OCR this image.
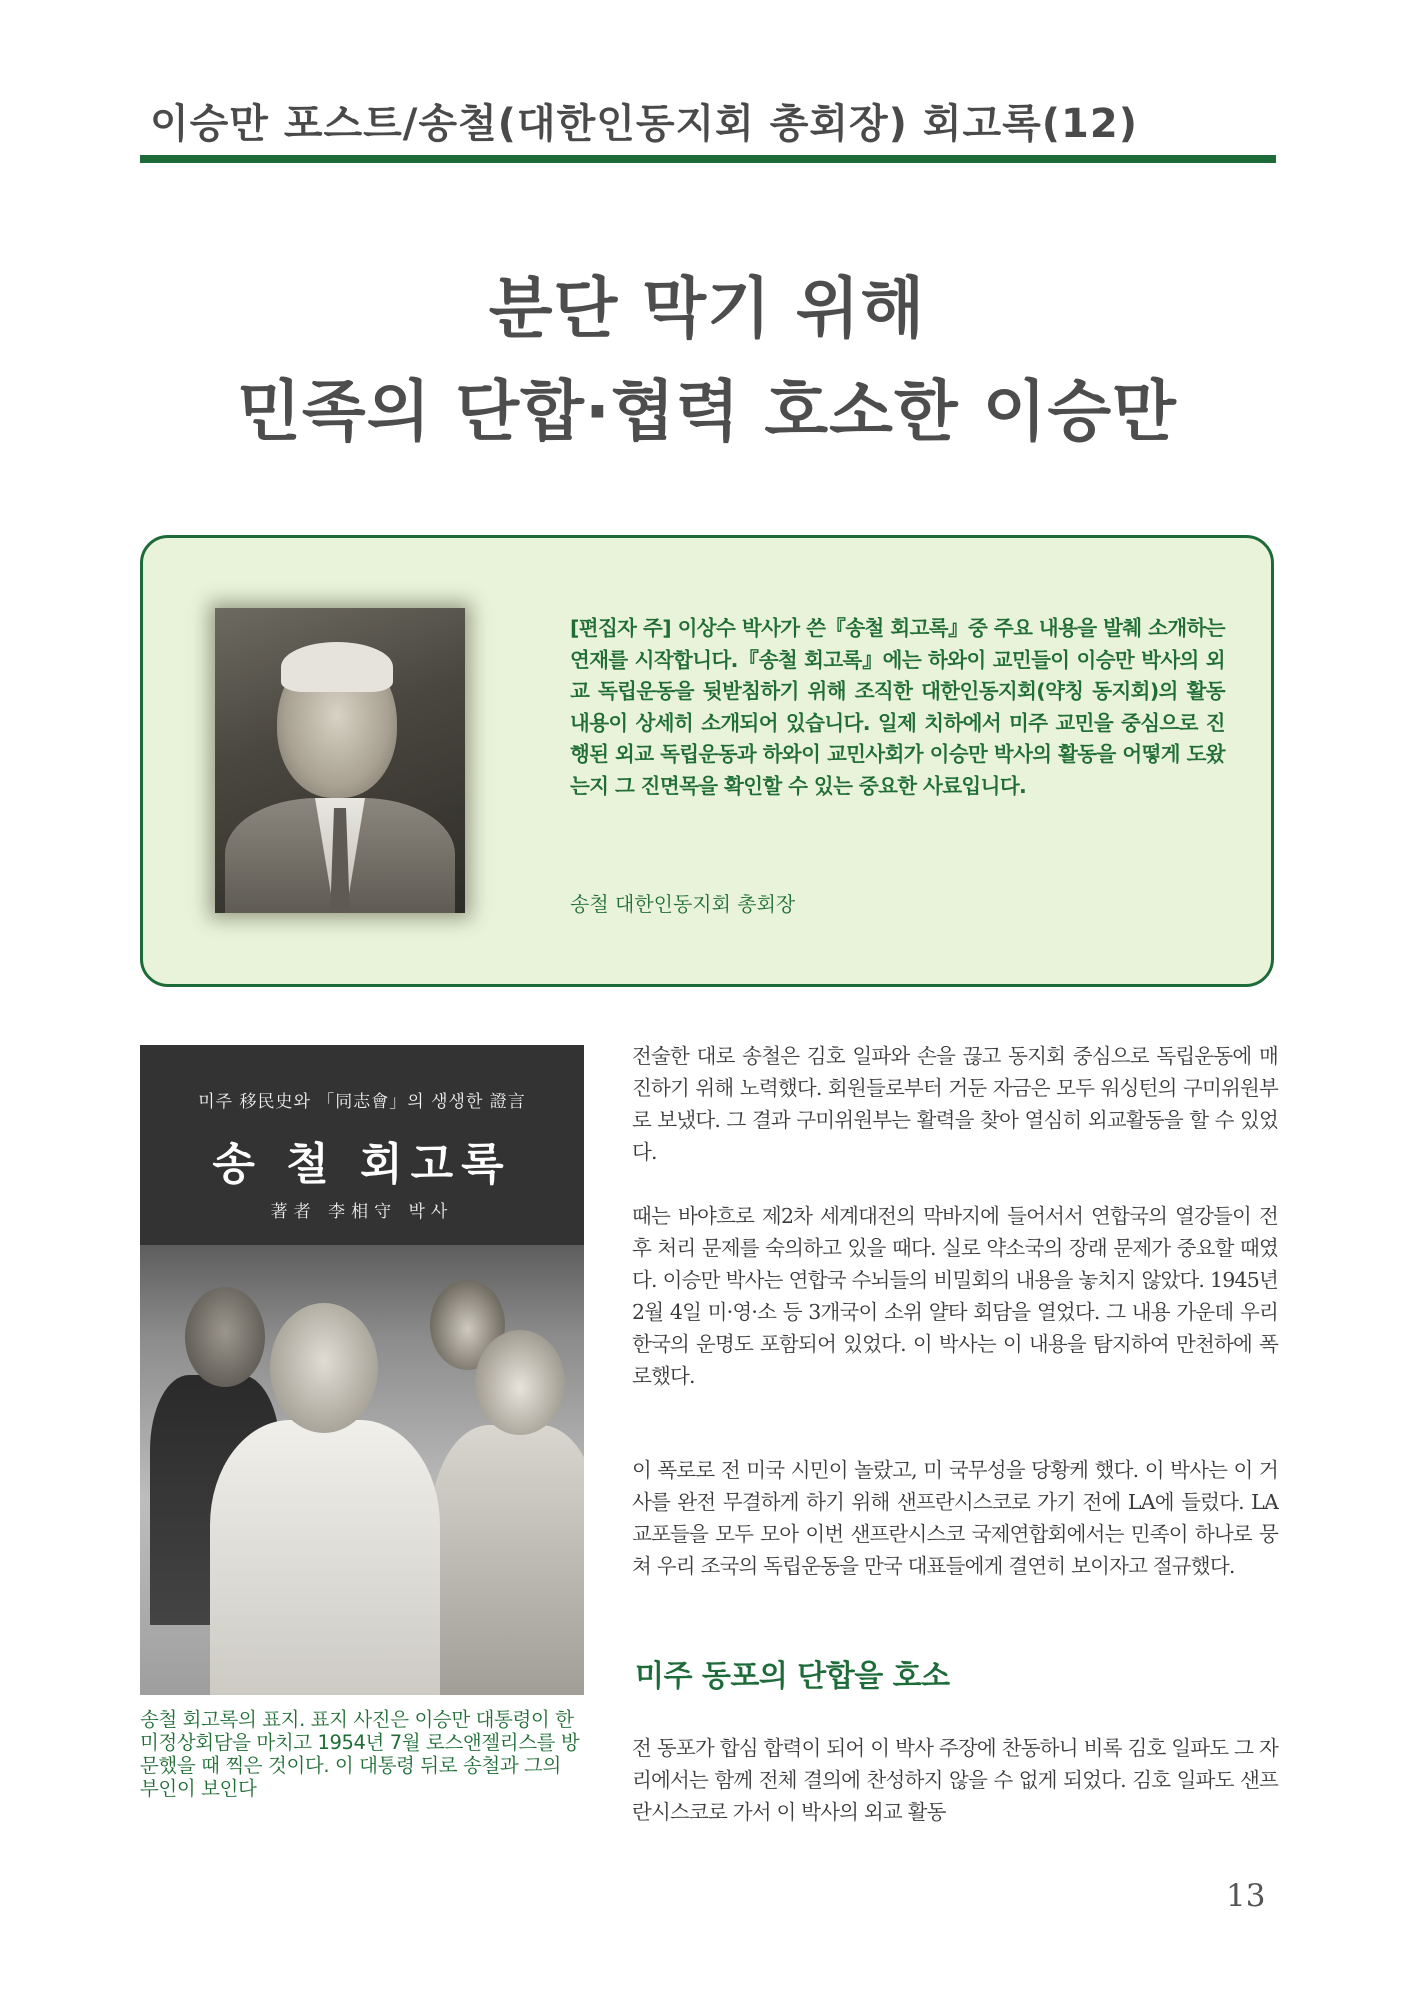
이승만 포스트/송철(대한인동지회 총회장) 회고록(12)
분단 막기 위해
민족의 단합·협력 호소한 이승만
[편집자 주] 이상수 박사가 쓴『송철 회고록』중 주요 내용을 발췌 소개하는 연재를 시작합니다.『송철 회고록』에는 하와이 교민들이 이승만 박사의 외교 독립운동을 뒷받침하기 위해 조직한 대한인동지회(약칭 동지회)의 활동 내용이 상세히 소개되어 있습니다. 일제 치하에서 미주 교민을 중심으로 진행된 외교 독립운동과 하와이 교민사회가 이승만 박사의 활동을 어떻게 도왔는지 그 진면목을 확인할 수 있는 중요한 사료입니다.
송철 대한인동지회 총회장
미주 移民史와 「同志會」의 생생한 證言
송 철 회고록
著者 李相守 박사
송철 회고록의 표지. 표지 사진은 이승만 대통령이 한미정상회담을 마치고 1954년 7월 로스앤젤리스를 방문했을 때 찍은 것이다. 이 대통령 뒤로 송철과 그의 부인이 보인다

전술한 대로 송철은 김호 일파와 손을 끊고 동지회 중심으로 독립운동에 매진하기 위해 노력했다. 회원들로부터 거둔 자금은 모두 워싱턴의 구미위원부로 보냈다. 그 결과 구미위원부는 활력을 찾아 열심히 외교활동을 할 수 있었다.

때는 바야흐로 제2차 세계대전의 막바지에 들어서서 연합국의 열강들이 전후 처리 문제를 숙의하고 있을 때다. 실로 약소국의 장래 문제가 중요할 때였다. 이승만 박사는 연합국 수뇌들의 비밀회의 내용을 놓치지 않았다. 1945년 2월 4일 미·영·소 등 3개국이 소위 얄타 회담을 열었다. 그 내용 가운데 우리 한국의 운명도 포함되어 있었다. 이 박사는 이 내용을 탐지하여 만천하에 폭로했다.

이 폭로로 전 미국 시민이 놀랐고, 미 국무성을 당황케 했다. 이 박사는 이 거사를 완전 무결하게 하기 위해 샌프란시스코로 가기 전에 LA에 들렀다. LA 교포들을 모두 모아 이번 샌프란시스코 국제연합회에서는 민족이 하나로 뭉쳐 우리 조국의 독립운동을 만국 대표들에게 결연히 보이자고 절규했다.

미주 동포의 단합을 호소

전 동포가 합심 합력이 되어 이 박사 주장에 찬동하니 비록 김호 일파도 그 자리에서는 함께 전체 결의에 찬성하지 않을 수 없게 되었다. 김호 일파도 샌프란시스코로 가서 이 박사의 외교 활동

13
